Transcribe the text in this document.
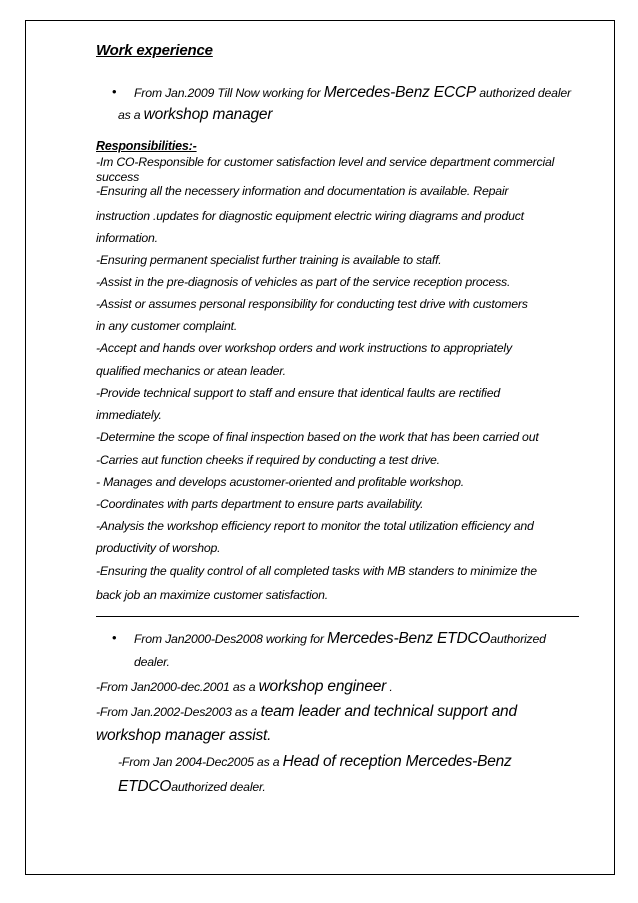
Work experience
• From Jan.2009 Till Now working for Mercedes-Benz ECCP authorized dealer
as a workshop manager
Responsibilities:-
-Im CO-Responsible for customer satisfaction level and service department commercial
success
-Ensuring all the necessery information and documentation is available. Repair
instruction .updates for diagnostic equipment electric wiring diagrams and product
information.
-Ensuring permanent specialist further training is available to staff.
-Assist in the pre-diagnosis of vehicles as part of the service reception process.
-Assist or assumes personal responsibility for conducting test drive with customers
in any customer complaint.
-Accept and hands over workshop orders and work instructions to appropriately
qualified mechanics or atean leader.
-Provide technical support to staff and ensure that identical faults are rectified
immediately.
-Determine the scope of final inspection based on the work that has been carried out
-Carries aut function cheeks if required by conducting a test drive.
- Manages and develops acustomer-oriented and profitable workshop.
-Coordinates with parts department to ensure parts availability.
-Analysis the workshop efficiency report to monitor the total utilization efficiency and
productivity of worshop.
-Ensuring the quality control of all completed tasks with MB standers to minimize the
back job an maximize customer satisfaction.
• From Jan2000-Des2008 working for Mercedes-Benz ETDCOauthorized
dealer.
-From Jan2000-dec.2001 as a workshop engineer .
-From Jan.2002-Des2003 as a team leader and technical support and
workshop manager assist.
-From Jan 2004-Dec2005 as a Head of reception Mercedes-Benz
ETDCOauthorized dealer.
